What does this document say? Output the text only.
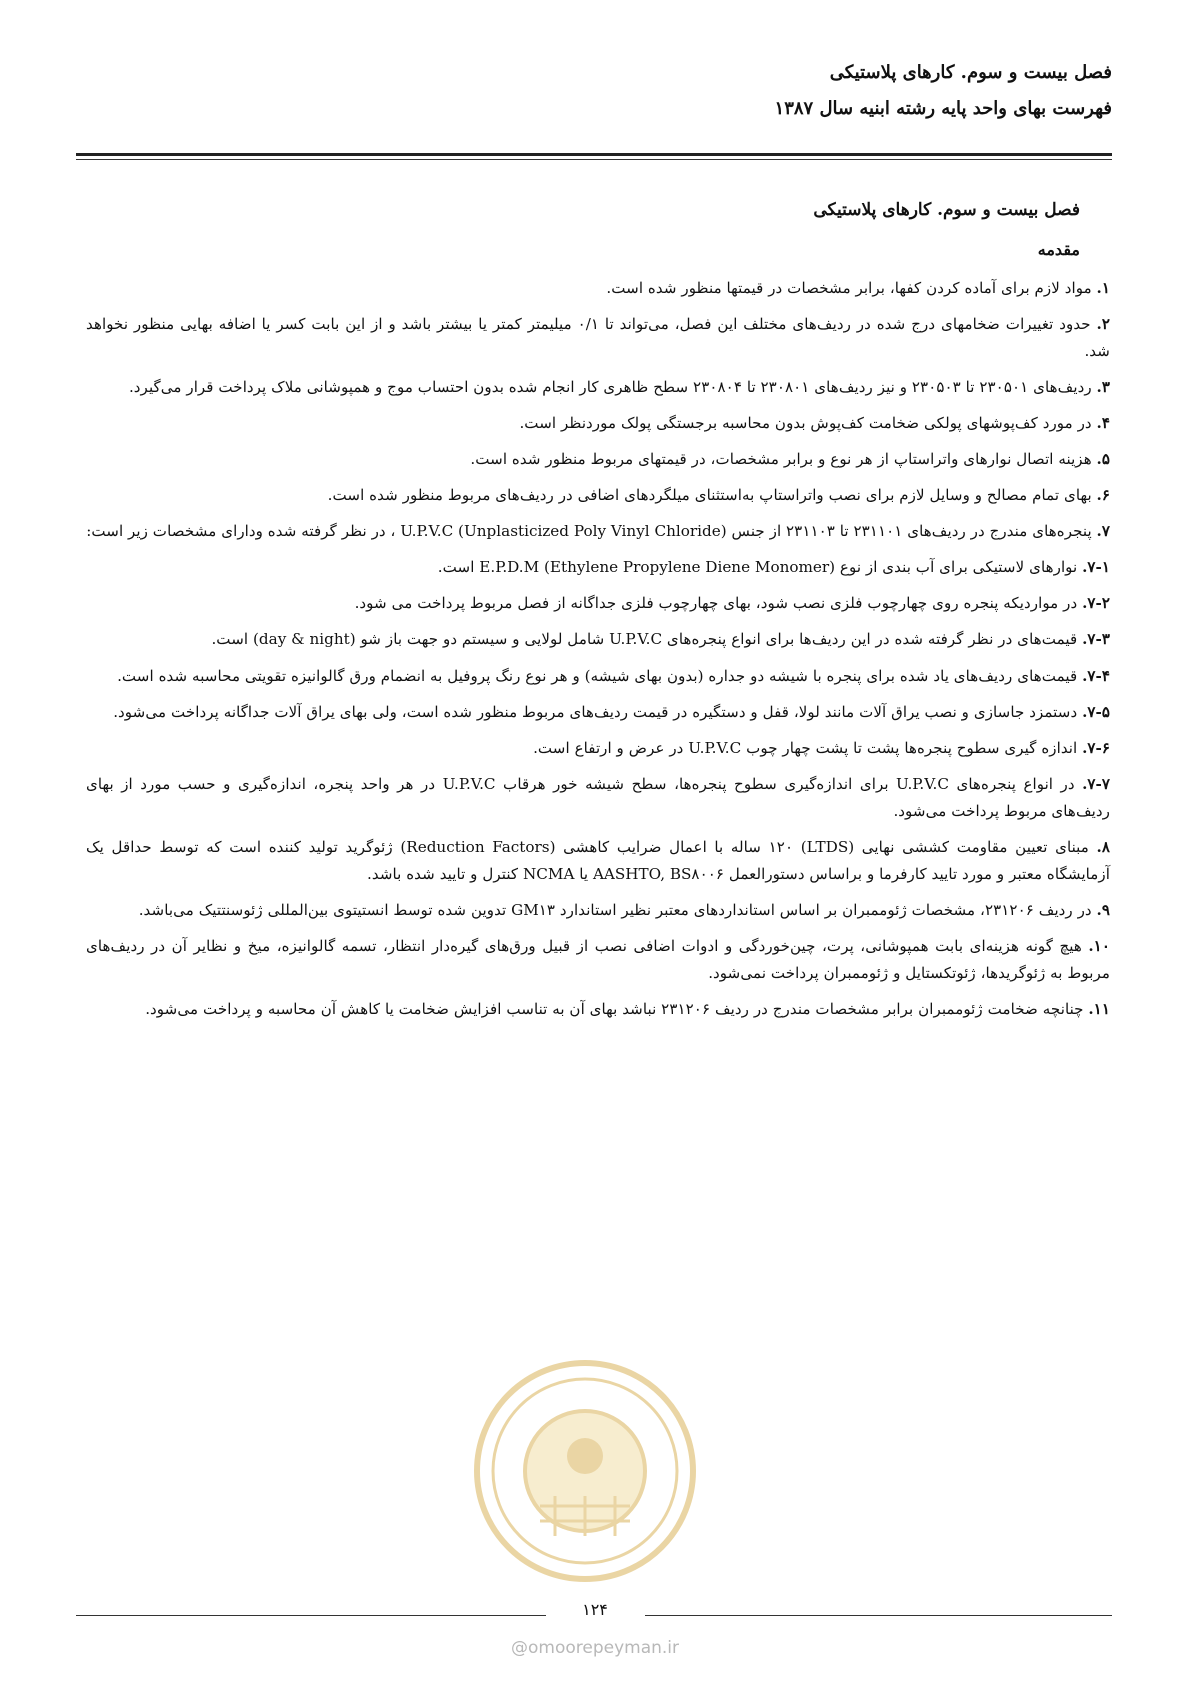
فصل بیست و سوم. کارهای پلاستیکی
فهرست بهای واحد پایه رشته ابنیه سال ۱۳۸۷
فصل بیست و سوم. کارهای پلاستیکی
مقدمه
۱. مواد لازم برای آماده کردن کفها، برابر مشخصات در قیمتها منظور شده است.
۲. حدود تغییرات ضخامهای درج شده در ردیف‌های مختلف این فصل، می‌تواند تا ۰/۱ میلیمتر کمتر یا بیشتر باشد و از این بابت کسر یا اضافه بهایی منظور نخواهد شد.
۳. ردیف‌های ۲۳۰۵۰۱ تا ۲۳۰۵۰۳ و نیز ردیف‌های ۲۳۰۸۰۱ تا ۲۳۰۸۰۴ سطح ظاهری کار انجام شده بدون احتساب موج و همپوشانی ملاک پرداخت قرار می‌گیرد.
۴. در مورد کف‌پوشهای پولکی ضخامت کف‌پوش بدون محاسبه برجستگی پولک موردنظر است.
۵. هزینه اتصال نوارهای واتراستاپ از هر نوع و برابر مشخصات، در قیمتهای مربوط منظور شده است.
۶. بهای تمام مصالح و وسایل لازم برای نصب واتراستاپ به‌استثنای میلگردهای اضافی در ردیف‌های مربوط منظور شده است.
۷. پنجره‌های مندرج در ردیف‌های ۲۳۱۱۰۱ تا ۲۳۱۱۰۳ از جنس U.P.V.C (Unplasticized Poly Vinyl Chloride) ، در نظر گرفته شده ودارای مشخصات زیر است:
۷-۱. نوارهای لاستیکی برای آب بندی از نوع E.P.D.M (Ethylene Propylene Diene Monomer) است.
۷-۲. در مواردیکه پنجره روی چهارچوب فلزی نصب شود، بهای چهارچوب فلزی جداگانه از فصل مربوط پرداخت می شود.
۷-۳. قیمت‌های در نظر گرفته شده در این ردیف‌ها برای انواع پنجره‌های U.P.V.C شامل لولایی و سیستم دو جهت باز شو (day & night) است.
۷-۴. قیمت‌های ردیف‌های یاد شده برای پنجره با شیشه دو جداره (بدون بهای شیشه) و هر نوع رنگ پروفیل به انضمام ورق گالوانیزه تقویتی محاسبه شده است.
۷-۵. دستمزد جاسازی و نصب یراق آلات مانند لولا، قفل و دستگیره در قیمت ردیف‌های مربوط منظور شده است، ولی بهای یراق آلات جداگانه پرداخت می‌شود.
۷-۶. اندازه گیری سطوح پنجره‌ها پشت تا پشت چهار چوب U.P.V.C در عرض و ارتفاع است.
۷-۷. در انواع پنجره‌های U.P.V.C برای اندازه‌گیری سطوح پنجره‌ها، سطح شیشه خور هرقاب U.P.V.C در هر واحد پنجره، اندازه‌گیری و حسب مورد از بهای ردیف‌های مربوط پرداخت می‌شود.
۸. مبنای تعیین مقاومت کششی نهایی (LTDS) ۱۲۰ ساله با اعمال ضرایب کاهشی (Reduction Factors) ژئوگرید تولید کننده است که توسط حداقل یک آزمایشگاه معتبر و مورد تایید کارفرما و براساس دستورالعمل AASHTO, BS۸۰۰۶ یا NCMA کنترل و تایید شده باشد.
۹. در ردیف ۲۳۱۲۰۶، مشخصات ژئوممبران بر اساس استانداردهای معتبر نظیر استاندارد GM۱۳ تدوین شده توسط انستیتوی بین‌المللی ژئوسنتتیک می‌باشد.
۱۰. هیچ گونه هزینه‌ای بابت همپوشانی، پرت، چین‌خوردگی و ادوات اضافی نصب از قبیل ورق‌های گیره‌دار انتظار، تسمه گالوانیزه، میخ و نظایر آن در ردیف‌های مربوط به ژئوگریدها، ژئوتکستایل و ژئوممبران پرداخت نمی‌شود.
۱۱. چنانچه ضخامت ژئوممبران برابر مشخصات مندرج در ردیف ۲۳۱۲۰۶ نباشد بهای آن به تناسب افزایش ضخامت یا کاهش آن محاسبه و پرداخت می‌شود.
۱۲۴
@omoorepeyman.ir
